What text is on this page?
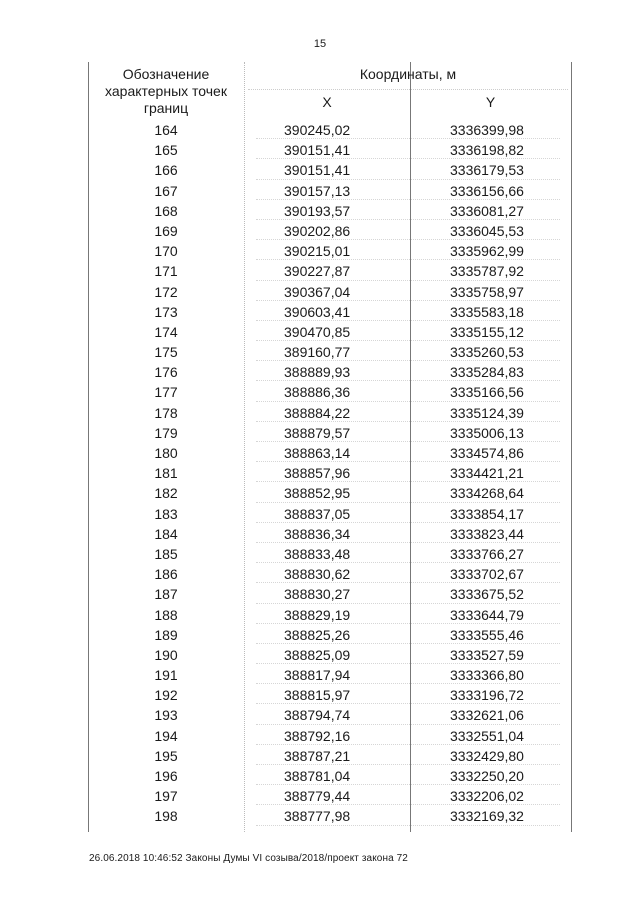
15
Обозначение характерных точек границ
Координаты, м
X	Y
164	390245,02	3336399,98
165	390151,41	3336198,82
166	390151,41	3336179,53
167	390157,13	3336156,66
168	390193,57	3336081,27
169	390202,86	3336045,53
170	390215,01	3335962,99
171	390227,87	3335787,92
172	390367,04	3335758,97
173	390603,41	3335583,18
174	390470,85	3335155,12
175	389160,77	3335260,53
176	388889,93	3335284,83
177	388886,36	3335166,56
178	388884,22	3335124,39
179	388879,57	3335006,13
180	388863,14	3334574,86
181	388857,96	3334421,21
182	388852,95	3334268,64
183	388837,05	3333854,17
184	388836,34	3333823,44
185	388833,48	3333766,27
186	388830,62	3333702,67
187	388830,27	3333675,52
188	388829,19	3333644,79
189	388825,26	3333555,46
190	388825,09	3333527,59
191	388817,94	3333366,80
192	388815,97	3333196,72
193	388794,74	3332621,06
194	388792,16	3332551,04
195	388787,21	3332429,80
196	388781,04	3332250,20
197	388779,44	3332206,02
198	388777,98	3332169,32
26.06.2018 10:46:52 Законы Думы VI созыва/2018/проект закона 72
